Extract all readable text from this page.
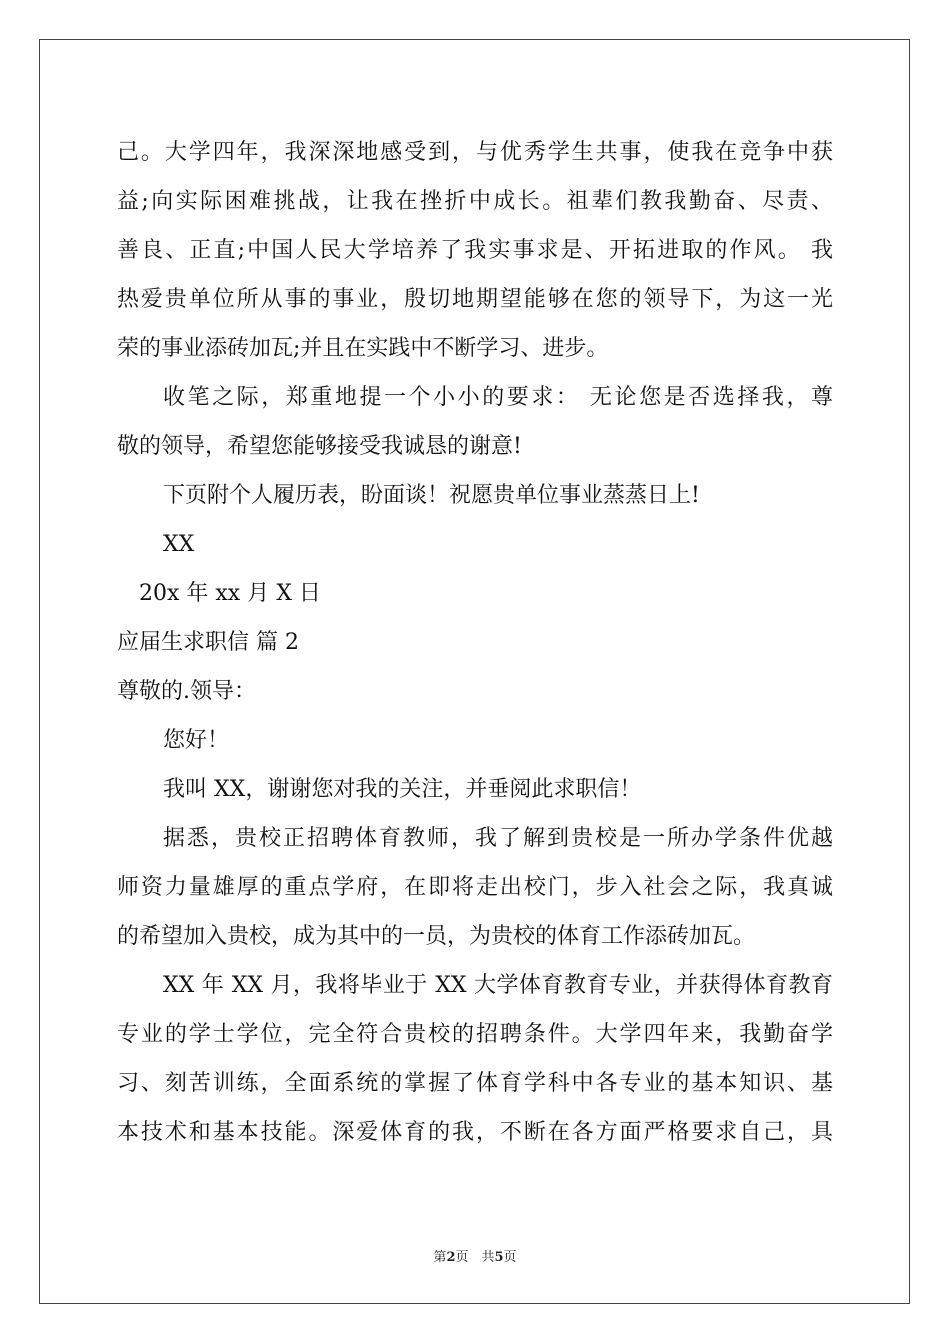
己。大学四年，我深深地感受到，与优秀学生共事，使我在竞争中获
益;向实际困难挑战，让我在挫折中成长。祖辈们教我勤奋、尽责、
善良、正直;中国人民大学培养了我实事求是、开拓进取的作风。 我
热爱贵单位所从事的事业，殷切地期望能够在您的领导下，为这一光
荣的事业添砖加瓦;并且在实践中不断学习、进步。
收笔之际，郑重地提一个小小的要求： 无论您是否选择我，尊
敬的领导，希望您能够接受我诚恳的谢意!
下页附个人履历表，盼面谈！祝愿贵单位事业蒸蒸日上!
XX
20x 年 xx 月 X 日
应届生求职信 篇 2
尊敬的.领导：
您好！
我叫 XX，谢谢您对我的关注，并垂阅此求职信！
据悉，贵校正招聘体育教师，我了解到贵校是一所办学条件优越
师资力量雄厚的重点学府，在即将走出校门，步入社会之际，我真诚
的希望加入贵校，成为其中的一员，为贵校的体育工作添砖加瓦。
XX 年 XX 月，我将毕业于 XX 大学体育教育专业，并获得体育教育
专业的学士学位，完全符合贵校的招聘条件。大学四年来，我勤奋学
习、刻苦训练，全面系统的掌握了体育学科中各专业的基本知识、基
本技术和基本技能。深爱体育的我，不断在各方面严格要求自己，具
第2页　共5页
